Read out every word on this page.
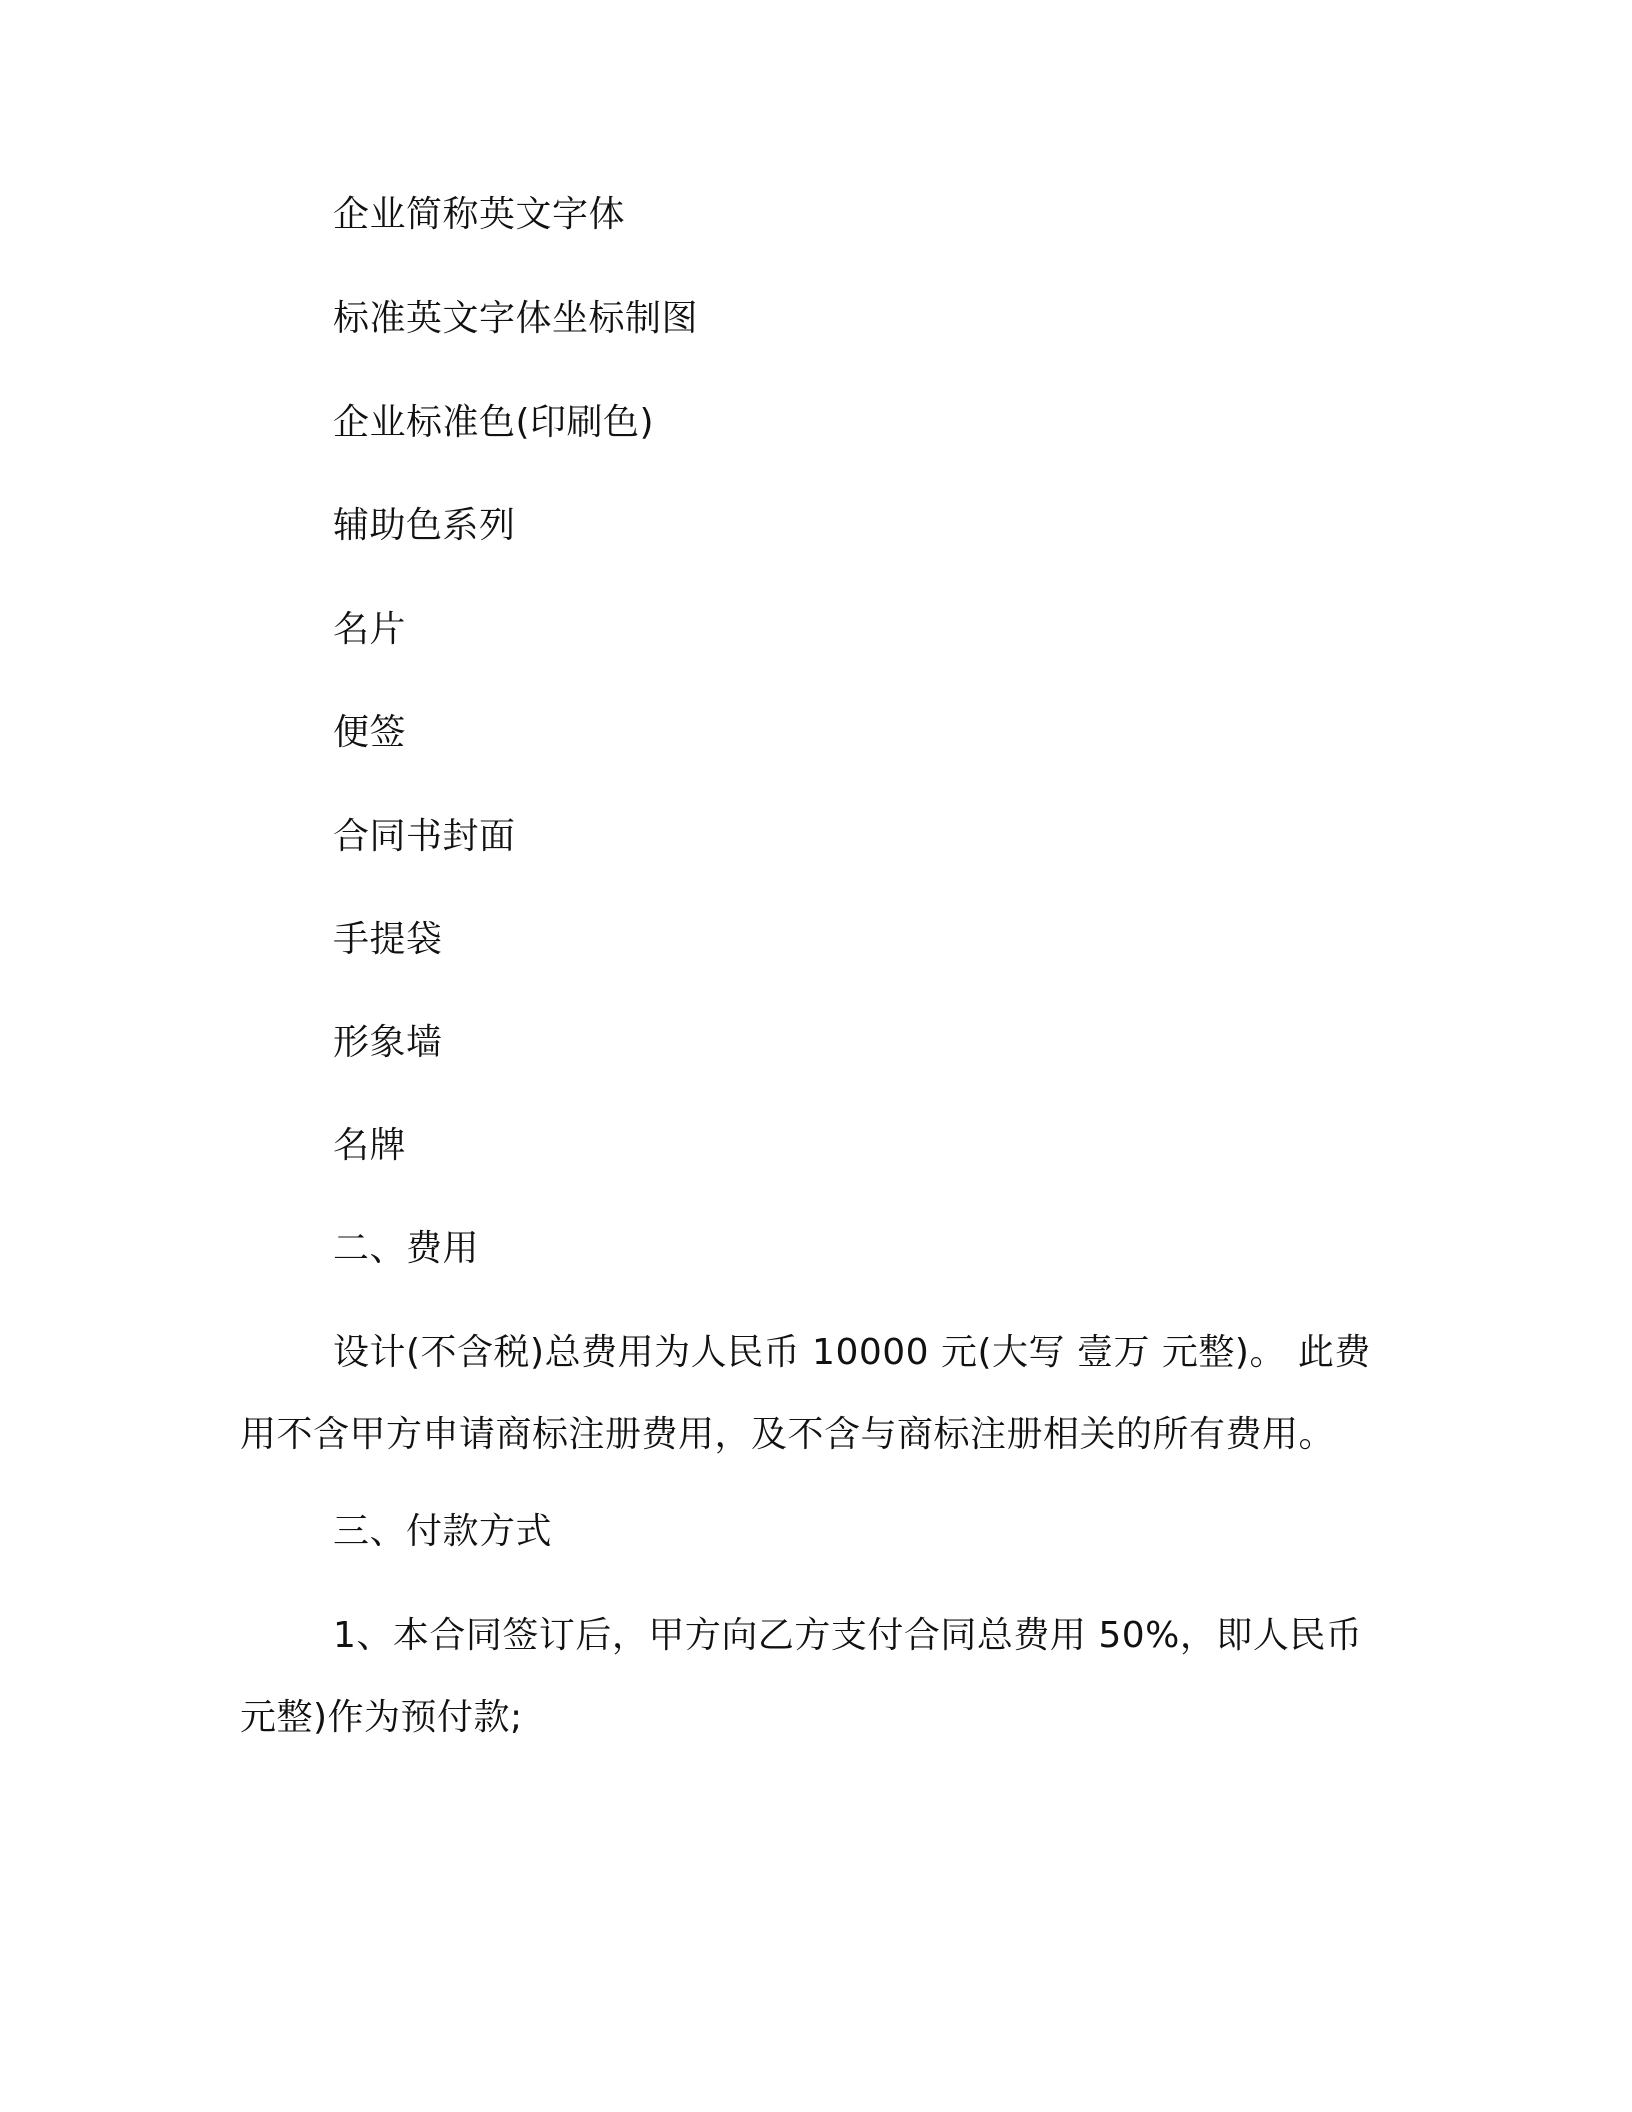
企业简称英文字体
标准英文字体坐标制图
企业标准色(印刷色)
辅助色系列
名片
便签
合同书封面
手提袋
形象墙
名牌
二、费用

设计(不含税)总费用为人民币 10000 元(大写 壹万 元整)。 此费用不含甲方申请商标注册费用，及不含与商标注册相关的所有费用。

三、付款方式

1、本合同签订后，甲方向乙方支付合同总费用 50%，即人民币 元整)作为预付款;
